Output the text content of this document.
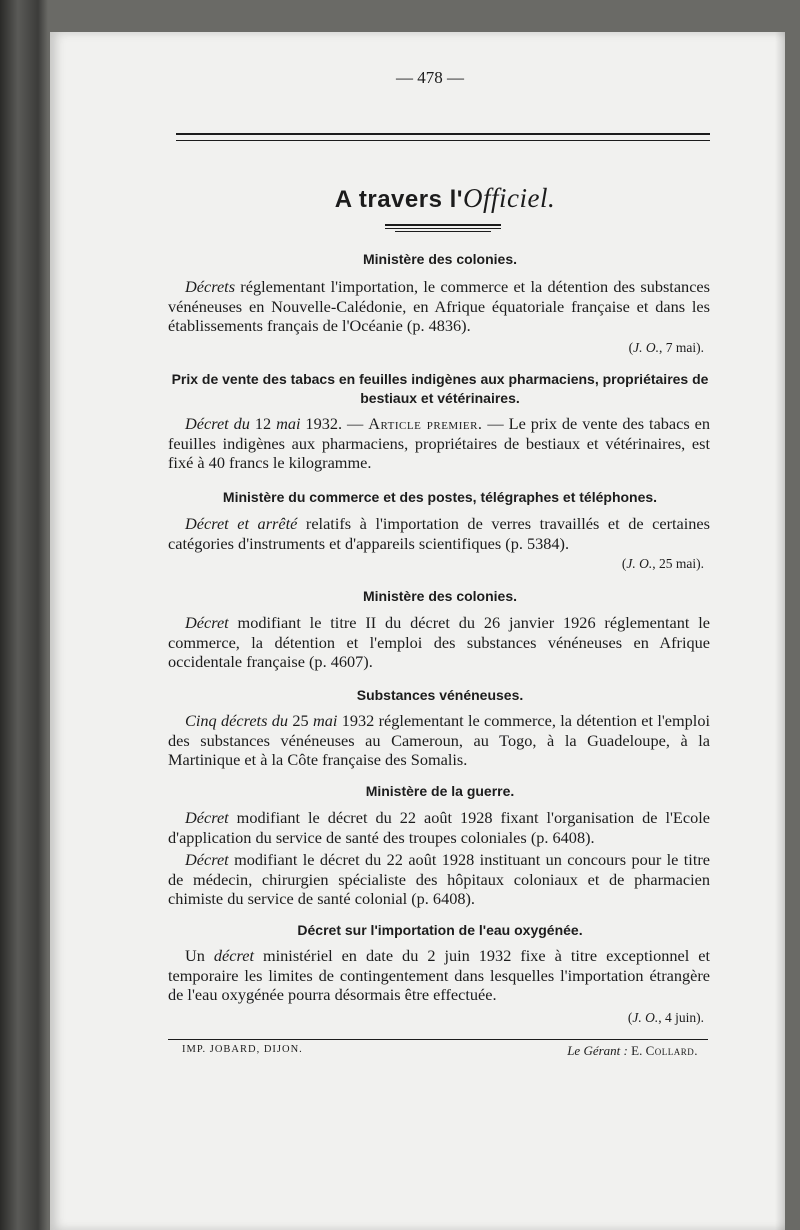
— 478 —
A travers l'Officiel.
Ministère des colonies.
Décrets réglementant l'importation, le commerce et la détention des substances vénéneuses en Nouvelle-Calédonie, en Afrique équatoriale française et dans les établissements français de l'Océanie (p. 4836).
(J. O., 7 mai).
Prix de vente des tabacs en feuilles indigènes aux pharmaciens, propriétaires de bestiaux et vétérinaires.
Décret du 12 mai 1932. — Article premier. — Le prix de vente des tabacs en feuilles indigènes aux pharmaciens, propriétaires de bestiaux et vétérinaires, est fixé à 40 francs le kilogramme.
Ministère du commerce et des postes, télégraphes et téléphones.
Décret et arrêté relatifs à l'importation de verres travaillés et de certaines catégories d'instruments et d'appareils scientifiques (p. 5384).
(J. O., 25 mai).
Ministère des colonies.
Décret modifiant le titre II du décret du 26 janvier 1926 réglementant le commerce, la détention et l'emploi des substances vénéneuses en Afrique occidentale française (p. 4607).
Substances vénéneuses.
Cinq décrets du 25 mai 1932 réglementant le commerce, la détention et l'emploi des substances vénéneuses au Cameroun, au Togo, à la Guadeloupe, à la Martinique et à la Côte française des Somalis.
Ministère de la guerre.
Décret modifiant le décret du 22 août 1928 fixant l'organisation de l'Ecole d'application du service de santé des troupes coloniales (p. 6408).
Décret modifiant le décret du 22 août 1928 instituant un concours pour le titre de médecin, chirurgien spécialiste des hôpitaux coloniaux et de pharmacien chimiste du service de santé colonial (p. 6408).
Décret sur l'importation de l'eau oxygénée.
Un décret ministériel en date du 2 juin 1932 fixe à titre exceptionnel et temporaire les limites de contingentement dans lesquelles l'importation étrangère de l'eau oxygénée pourra désormais être effectuée.
(J. O., 4 juin).
IMP. JOBARD, DIJON.	Le Gérant : E. Collard.
